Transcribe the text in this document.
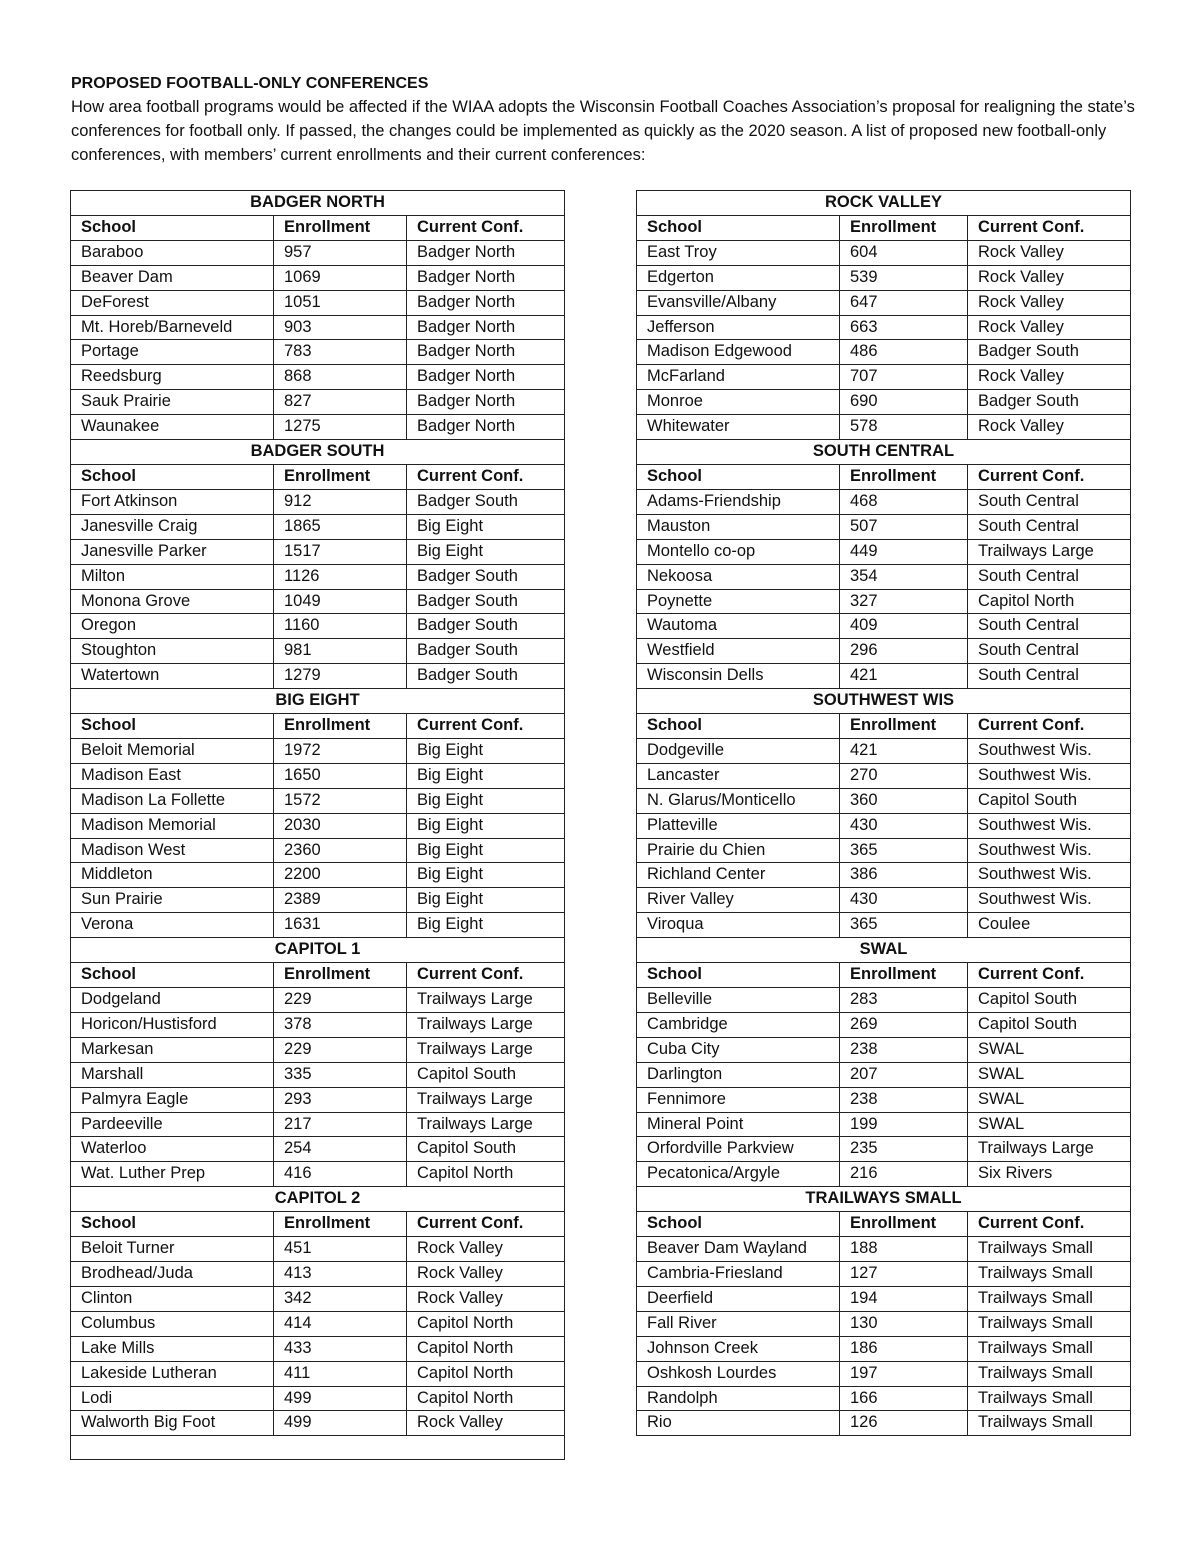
PROPOSED FOOTBALL-ONLY CONFERENCES
How area football programs would be affected if the WIAA adopts the Wisconsin Football Coaches Association’s proposal for realigning the state’s conferences for football only. If passed, the changes could be implemented as quickly as the 2020 season. A list of proposed new football-only conferences, with members’ current enrollments and their current conferences:
BADGER NORTH		
School	Enrollment	Current Conf.
Baraboo	957	Badger North
Beaver Dam	1069	Badger North
DeForest	1051	Badger North
Mt. Horeb/Barneveld	903	Badger North
Portage	783	Badger North
Reedsburg	868	Badger North
Sauk Prairie	827	Badger North
Waunakee	1275	Badger North
BADGER SOUTH		
School	Enrollment	Current Conf.
Fort Atkinson	912	Badger South
Janesville Craig	1865	Big Eight
Janesville Parker	1517	Big Eight
Milton	1126	Badger South
Monona Grove	1049	Badger South
Oregon	1160	Badger South
Stoughton	981	Badger South
Watertown	1279	Badger South
BIG EIGHT		
School	Enrollment	Current Conf.
Beloit Memorial	1972	Big Eight
Madison East	1650	Big Eight
Madison La Follette	1572	Big Eight
Madison Memorial	2030	Big Eight
Madison West	2360	Big Eight
Middleton	2200	Big Eight
Sun Prairie	2389	Big Eight
Verona	1631	Big Eight
CAPITOL 1		
School	Enrollment	Current Conf.
Dodgeland	229	Trailways Large
Horicon/Hustisford	378	Trailways Large
Markesan	229	Trailways Large
Marshall	335	Capitol South
Palmyra Eagle	293	Trailways Large
Pardeeville	217	Trailways Large
Waterloo	254	Capitol South
Wat. Luther Prep	416	Capitol North
CAPITOL 2		
School	Enrollment	Current Conf.
Beloit Turner	451	Rock Valley
Brodhead/Juda	413	Rock Valley
Clinton	342	Rock Valley
Columbus	414	Capitol North
Lake Mills	433	Capitol North
Lakeside Lutheran	411	Capitol North
Lodi	499	Capitol North
Walworth Big Foot	499	Rock Valley

ROCK VALLEY		
School	Enrollment	Current Conf.
East Troy	604	Rock Valley
Edgerton	539	Rock Valley
Evansville/Albany	647	Rock Valley
Jefferson	663	Rock Valley
Madison Edgewood	486	Badger South
McFarland	707	Rock Valley
Monroe	690	Badger South
Whitewater	578	Rock Valley
SOUTH CENTRAL		
School	Enrollment	Current Conf.
Adams-Friendship	468	South Central
Mauston	507	South Central
Montello co-op	449	Trailways Large
Nekoosa	354	South Central
Poynette	327	Capitol North
Wautoma	409	South Central
Westfield	296	South Central
Wisconsin Dells	421	South Central
SOUTHWEST WIS		
School	Enrollment	Current Conf.
Dodgeville	421	Southwest Wis.
Lancaster	270	Southwest Wis.
N. Glarus/Monticello	360	Capitol South
Platteville	430	Southwest Wis.
Prairie du Chien	365	Southwest Wis.
Richland Center	386	Southwest Wis.
River Valley	430	Southwest Wis.
Viroqua	365	Coulee
SWAL		
School	Enrollment	Current Conf.
Belleville	283	Capitol South
Cambridge	269	Capitol South
Cuba City	238	SWAL
Darlington	207	SWAL
Fennimore	238	SWAL
Mineral Point	199	SWAL
Orfordville Parkview	235	Trailways Large
Pecatonica/Argyle	216	Six Rivers
TRAILWAYS SMALL		
School	Enrollment	Current Conf.
Beaver Dam Wayland	188	Trailways Small
Cambria-Friesland	127	Trailways Small
Deerfield	194	Trailways Small
Fall River	130	Trailways Small
Johnson Creek	186	Trailways Small
Oshkosh Lourdes	197	Trailways Small
Randolph	166	Trailways Small
Rio	126	Trailways Small
